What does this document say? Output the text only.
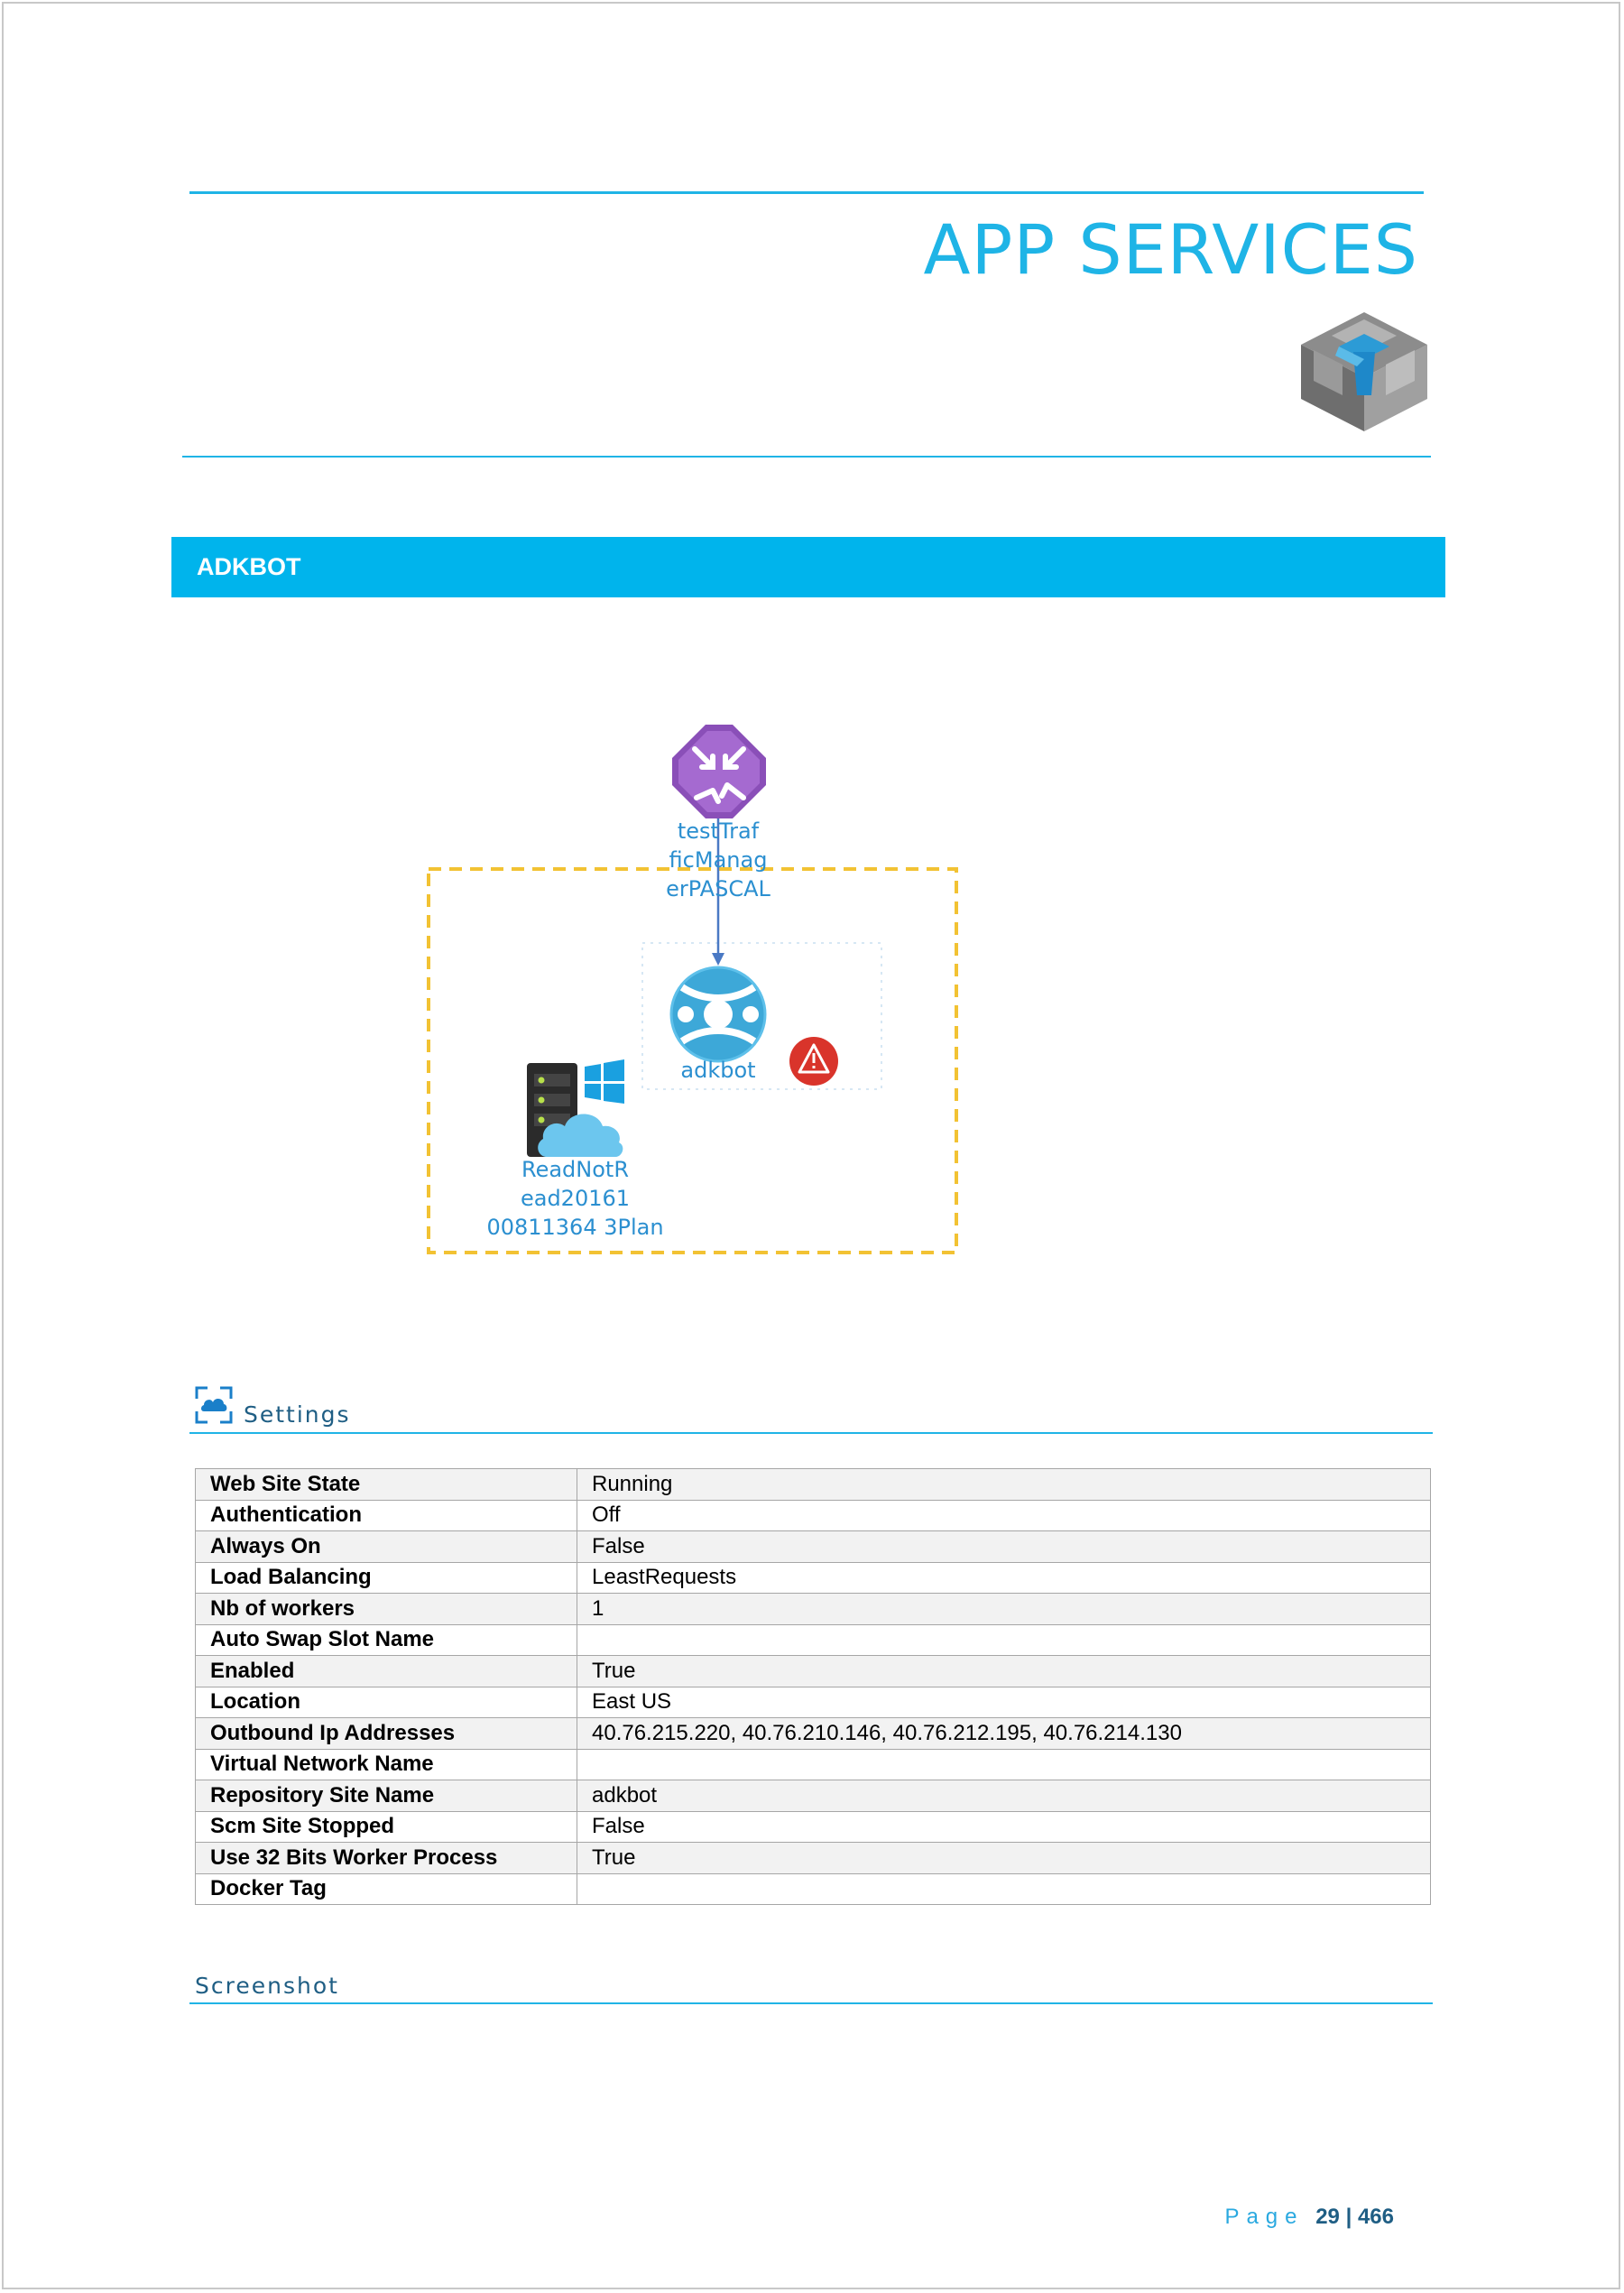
APP SERVICES
ADKBOT
testTraf
ficManag
erPASCAL
adkbot
ReadNotR
ead20161
00811364 3Plan
Settings
Web Site State	Running
Authentication	Off
Always On	False
Load Balancing	LeastRequests
Nb of workers	1
Auto Swap Slot Name	
Enabled	True
Location	East US
Outbound Ip Addresses	40.76.215.220, 40.76.210.146, 40.76.212.195, 40.76.214.130
Virtual Network Name	
Repository Site Name	adkbot
Scm Site Stopped	False
Use 32 Bits Worker Process	True
Docker Tag	
Screenshot
Page 29 | 466
